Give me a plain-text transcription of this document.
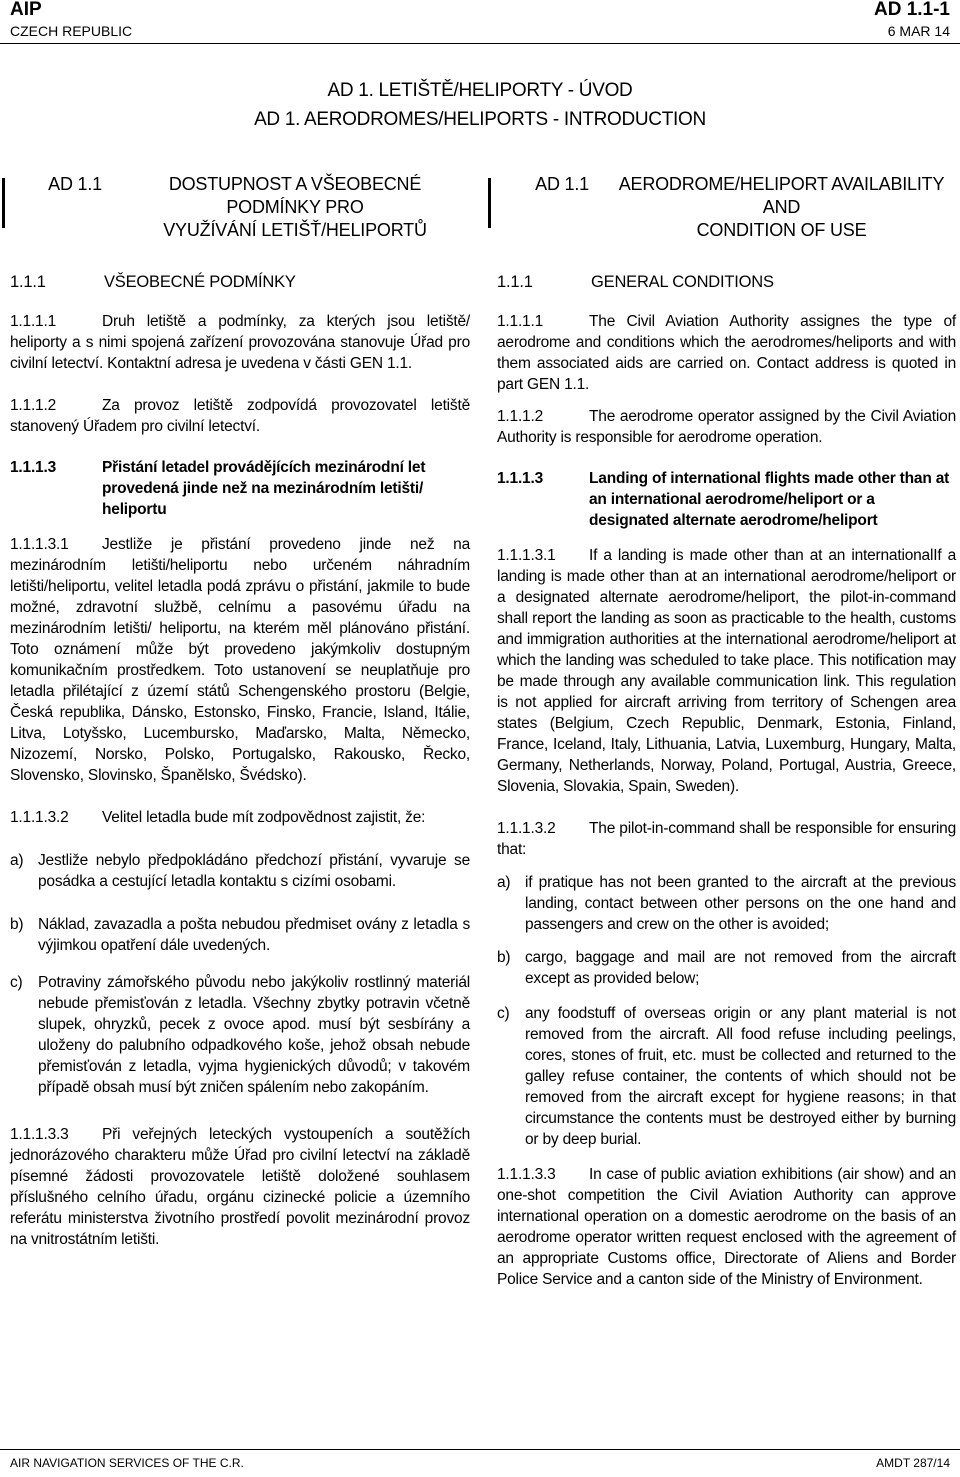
AIP
CZECH REPUBLIC
AD 1.1-1
6 MAR 14
AD 1. LETIŠTĚ/HELIPORTY - ÚVOD
AD 1. AERODROMES/HELIPORTS - INTRODUCTION
AD 1.1	DOSTUPNOST A VŠEOBECNÉ PODMÍNKY PRO
VYUŽÍVÁNÍ LETIŠŤ/HELIPORTŮ
1.1.1	VŠEOBECNÉ PODMÍNKY

1.1.1.1	Druh letiště a podmínky, za kterých jsou letiště/ heliporty a s nimi spojená zařízení provozována stanovuje Úřad pro civilní letectví. Kontaktní adresa je uvedena v části GEN 1.1.

1.1.1.2	Za provoz letiště zodpovídá provozovatel letiště stanovený Úřadem pro civilní letectví.

1.1.1.3	Přistání letadel provádějících mezinárodní let provedená jinde než na mezinárodním letišti/ heliportu

1.1.1.3.1 Jestliže je přistání provedeno jinde než na mezinárodním letišti/heliportu nebo určeném náhradním letišti/heliportu, velitel letadla podá zprávu o přistání, jakmile to bude možné, zdravotní službě, celnímu a pasovému úřadu na mezinárodním letišti/ heliportu, na kterém měl plánováno přistání. Toto oznámení může být provedeno jakýmkoliv dostupným komunikačním prostředkem. Toto ustanovení se neuplatňuje pro letadla přilétající z území států Schengenského prostoru (Belgie, Česká republika, Dánsko, Estonsko, Finsko, Francie, Island, Itálie, Litva, Lotyšsko, Lucembursko, Maďarsko, Malta, Německo, Nizozemí, Norsko, Polsko, Portugalsko, Rakousko, Řecko, Slovensko, Slovinsko, Španělsko, Švédsko).

1.1.1.3.2 Velitel letadla bude mít zodpovědnost zajistit, že:

a) Jestliže nebylo předpokládáno předchozí přistání, vyvaruje se posádka a cestující letadla kontaktu s cizími osobami.
b) Náklad, zavazadla a pošta nebudou předmiset ovány z letadla s výjimkou opatření dále uvedených.
c) Potraviny zámořského původu nebo jakýkoliv rostlinný materiál nebude přemisťován z letadla. Všechny zbytky potravin včetně slupek, ohryzků, pecek z ovoce apod. musí být sesbírány a uloženy do palubního odpadkového koše, jehož obsah nebude přemisťován z letadla, vyjma hygienických důvodů; v takovém případě obsah musí být zničen spálením nebo zakopáním.

1.1.1.3.3 Při veřejných leteckých vystoupeních a soutěžích jednorázového charakteru může Úřad pro civilní letectví na základě písemné žádosti provozovatele letiště doložené souhlasem příslušného celního úřadu, orgánu cizinecké policie a územního referátu ministerstva životního prostředí povolit mezinárodní provoz na vnitrostátním letišti.

AD 1.1	AERODROME/HELIPORT AVAILABILITY AND
CONDITION OF USE
1.1.1	GENERAL CONDITIONS

1.1.1.1	The Civil Aviation Authority assignes the type of aerodrome and conditions which the aerodromes/heliports and with them associated aids are carried on. Contact address is quoted in part GEN 1.1.

1.1.1.2	The aerodrome operator assigned by the Civil Aviation Authority is responsible for aerodrome operation.

1.1.1.3	Landing of international flights made other than at an international aerodrome/heliport or a designated alternate aerodrome/heliport

1.1.1.3.1 If a landing is made other than at an internationalIf a landing is made other than at an international aerodrome/heliport or a designated alternate aerodrome/heliport, the pilot-in-command shall report the landing as soon as practicable to the health, customs and immigration authorities at the international aerodrome/heliport at which the landing was scheduled to take place. This notification may be made through any available communication link. This regulation is not applied for aircraft arriving from territory of Schengen area states (Belgium, Czech Republic, Denmark, Estonia, Finland, France, Iceland, Italy, Lithuania, Latvia, Luxemburg, Hungary, Malta, Germany, Netherlands, Norway, Poland, Portugal, Austria, Greece, Slovenia, Slovakia, Spain, Sweden).

1.1.1.3.2 The pilot-in-command shall be responsible for ensuring that:

a) if pratique has not been granted to the aircraft at the previous landing, contact between other persons on the one hand and passengers and crew on the other is avoided;
b) cargo, baggage and mail are not removed from the aircraft except as provided below;
c) any foodstuff of overseas origin or any plant material is not removed from the aircraft. All food refuse including peelings, cores, stones of fruit, etc. must be collected and returned to the galley refuse container, the contents of which should not be removed from the aircraft except for hygiene reasons; in that circumstance the contents must be destroyed either by burning or by deep burial.

1.1.1.3.3 In case of public aviation exhibitions (air show) and an one-shot competition the Civil Aviation Authority can approve international operation on a domestic aerodrome on the basis of an aerodrome operator written request enclosed with the agreement of an appropriate Customs office, Directorate of Aliens and Border Police Service and a canton side of the Ministry of Environment.

AIR NAVIGATION SERVICES OF THE C.R.	AMDT 287/14
